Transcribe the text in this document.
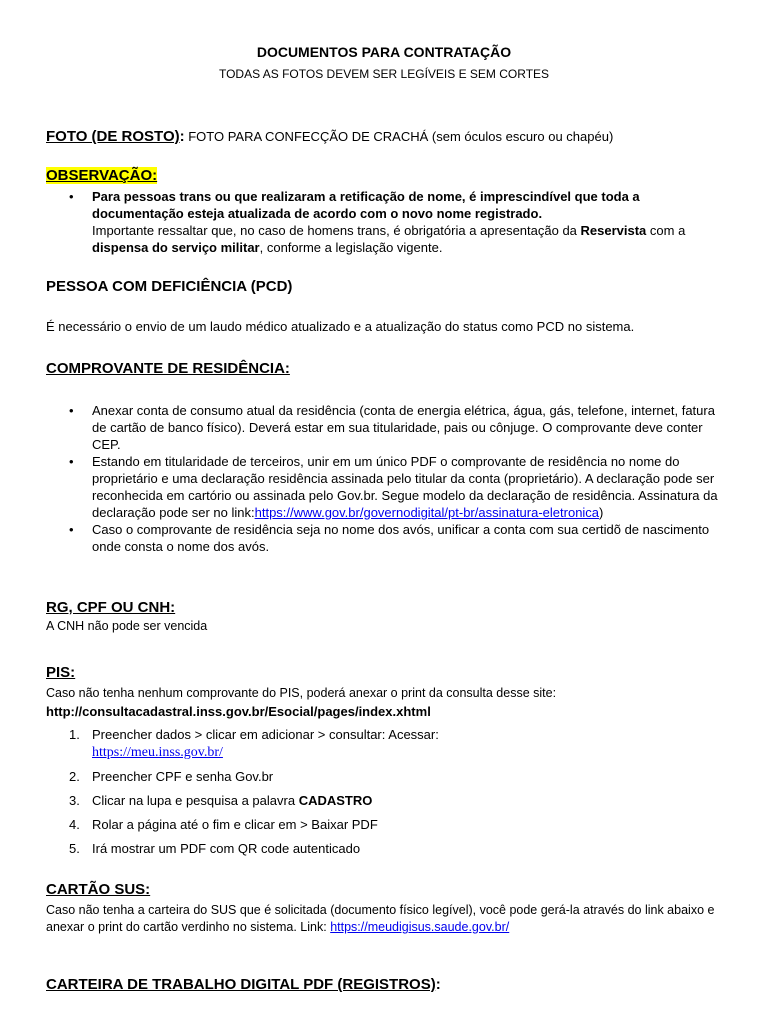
DOCUMENTOS PARA CONTRATAÇÃO
TODAS AS FOTOS DEVEM SER LEGÍVEIS E SEM CORTES
FOTO (DE ROSTO): FOTO PARA CONFECÇÃO DE CRACHÁ (sem óculos escuro ou chapéu)
OBSERVAÇÃO:
• Para pessoas trans ou que realizaram a retificação de nome, é imprescindível que toda a documentação esteja atualizada de acordo com o novo nome registrado.
Importante ressaltar que, no caso de homens trans, é obrigatória a apresentação da Reservista com a dispensa do serviço militar, conforme a legislação vigente.
PESSOA COM DEFICIÊNCIA (PCD)
É necessário o envio de um laudo médico atualizado e a atualização do status como PCD no sistema.
COMPROVANTE DE RESIDÊNCIA:
• Anexar conta de consumo atual da residência (conta de energia elétrica, água, gás, telefone, internet, fatura de cartão de banco físico). Deverá estar em sua titularidade, pais ou cônjuge. O comprovante deve conter CEP.
• Estando em titularidade de terceiros, unir em um único PDF o comprovante de residência no nome do proprietário e uma declaração residência assinada pelo titular da conta (proprietário). A declaração pode ser reconhecida em cartório ou assinada pelo Gov.br. Segue modelo da declaração de residência. Assinatura da declaração pode ser no link:https://www.gov.br/governodigital/pt-br/assinatura-eletronica)
• Caso o comprovante de residência seja no nome dos avós, unificar a conta com sua certidõ de nascimento onde consta o nome dos avós.
RG, CPF OU CNH:
A CNH não pode ser vencida
PIS:
Caso não tenha nenhum comprovante do PIS, poderá anexar o print da consulta desse site:
http://consultacadastral.inss.gov.br/Esocial/pages/index.xhtml
1. Preencher dados > clicar em adicionar > consultar: Acessar:
https://meu.inss.gov.br/
2. Preencher CPF e senha Gov.br
3. Clicar na lupa e pesquisa a palavra CADASTRO
4. Rolar a página até o fim e clicar em > Baixar PDF
5. Irá mostrar um PDF com QR code autenticado
CARTÃO SUS:
Caso não tenha a carteira do SUS que é solicitada (documento físico legível), você pode gerá-la através do link abaixo e anexar o print do cartão verdinho no sistema. Link: https://meudigisus.saude.gov.br/
CARTEIRA DE TRABALHO DIGITAL PDF (REGISTROS):
